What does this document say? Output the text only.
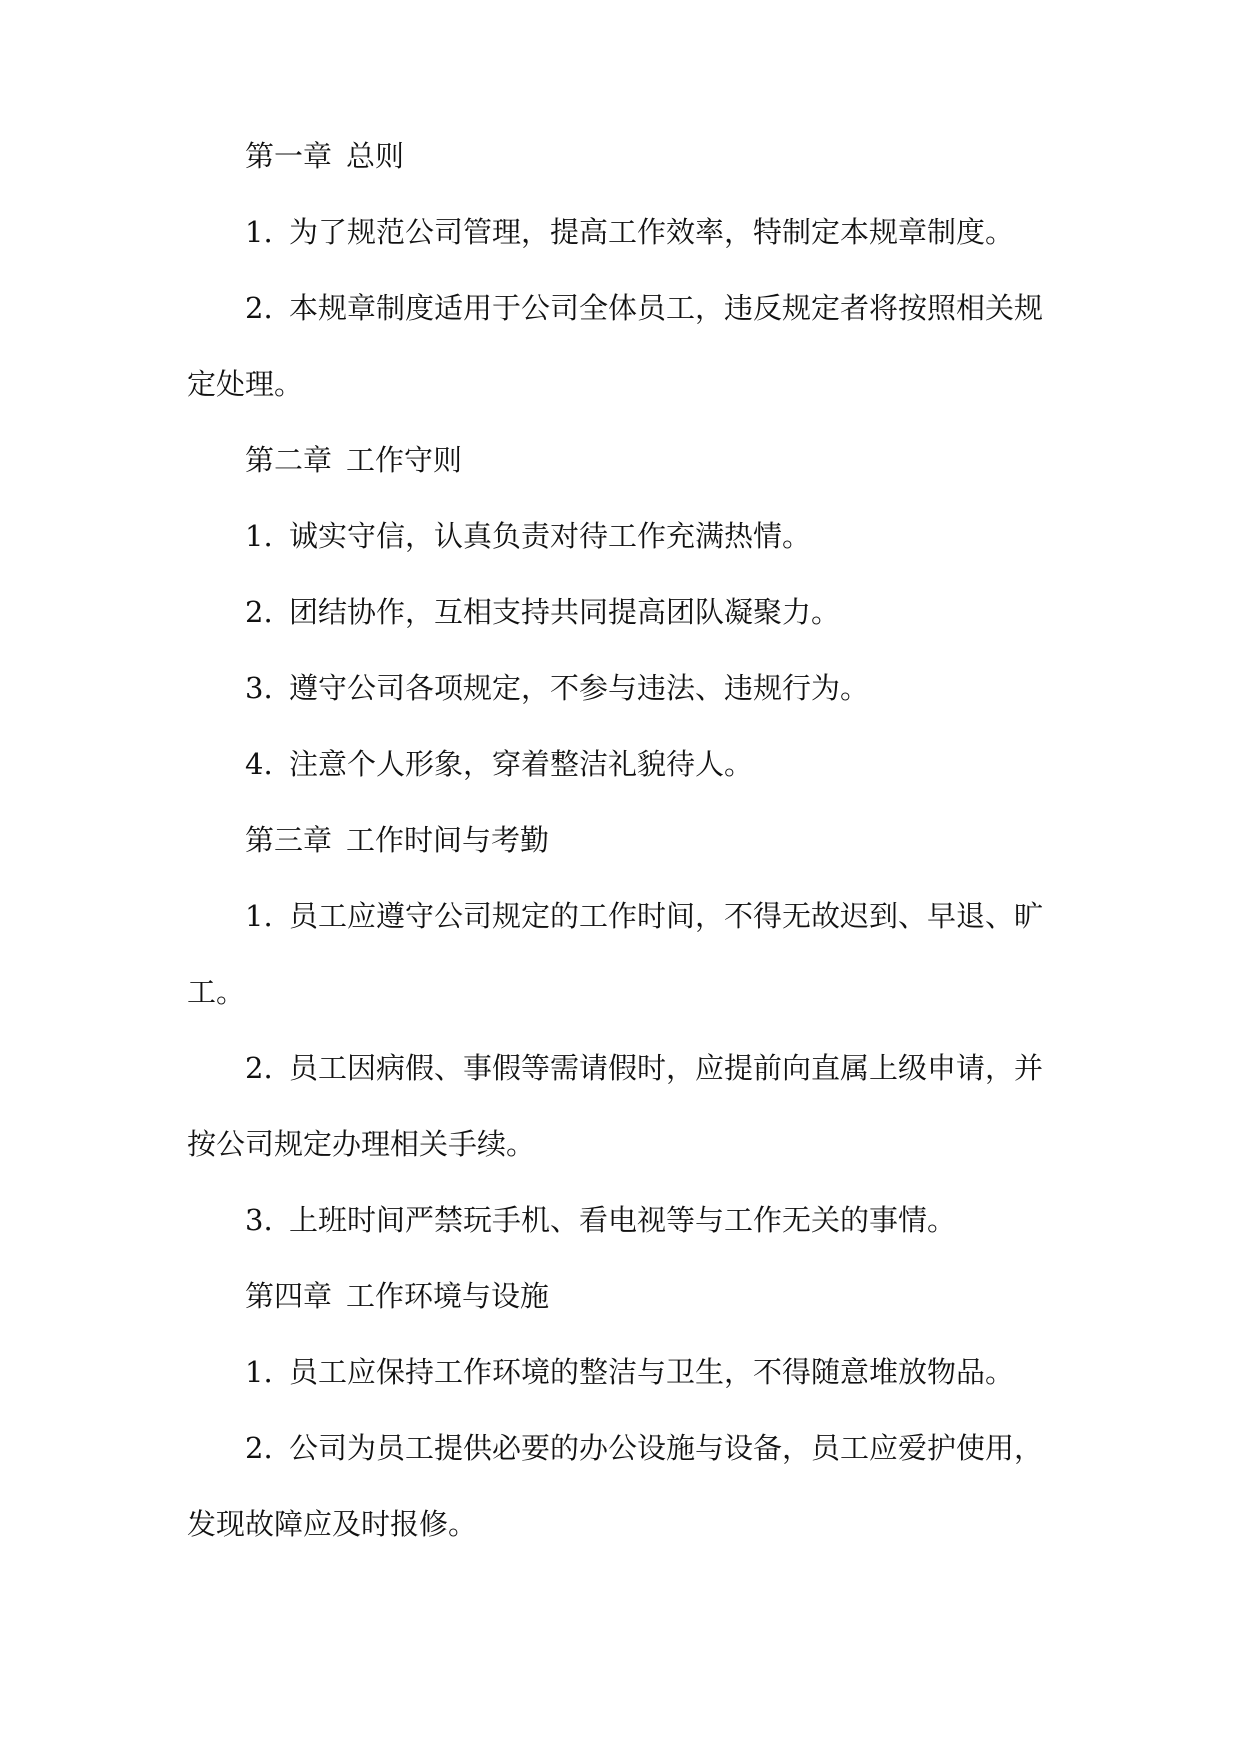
第一章 总则
1. 为了规范公司管理，提高工作效率，特制定本规章制度。
2. 本规章制度适用于公司全体员工，违反规定者将按照相关规
定处理。
第二章 工作守则
1. 诚实守信，认真负责对待工作充满热情。
2. 团结协作，互相支持共同提高团队凝聚力。
3. 遵守公司各项规定，不参与违法、违规行为。
4. 注意个人形象，穿着整洁礼貌待人。
第三章 工作时间与考勤
1. 员工应遵守公司规定的工作时间，不得无故迟到、早退、旷
工。
2. 员工因病假、事假等需请假时，应提前向直属上级申请，并
按公司规定办理相关手续。
3. 上班时间严禁玩手机、看电视等与工作无关的事情。
第四章 工作环境与设施
1. 员工应保持工作环境的整洁与卫生，不得随意堆放物品。
2. 公司为员工提供必要的办公设施与设备，员工应爱护使用，
发现故障应及时报修。
